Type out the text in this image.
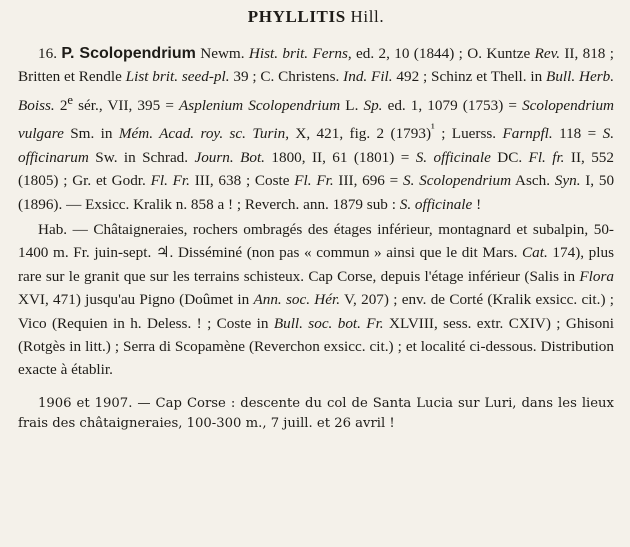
PHYLLITIS Hill.

16. P. Scolopendrium Newm. Hist. brit. Ferns, ed. 2, 10 (1844) ; O. Kuntze Rev. II, 818 ; Britten et Rendle List brit. seed-pl. 39 ; C. Christens. Ind. Fil. 492 ; Schinz et Thell. in Bull. Herb. Boiss. 2e sér., VII, 395 = Asplenium Scolopendrium L. Sp. ed. 1, 1079 (1753) = Scolopendrium vulgare Sm. in Mém. Acad. roy. sc. Turin, X, 421, fig. 2 $(1793)^{^1}$ ; Luerss. Farnpfl. 118 = S. officinarum Sw. in Schrad. Journ. Bot. 1800, II, 61 (1801) = S. officinale DC. Fl. fr. II, 552 (1805) ; Gr. et Godr. Fl. Fr. III, 638 ; Coste Fl. Fr. III, 696 = S. Scolopendrium Asch. Syn. I, 50 (1896). — Exsicc. Kralik n. 858 a ! ; Reverch. ann. 1879 sub : S. officinale !

Hab. — Châtaigneraies, rochers ombragés des étages inférieur, montagnard et subalpin, 50-1400 m. Fr. juin-sept. ♃. Disséminé (non pas « commun » ainsi que le dit Mars. Cat. 174), plus rare sur le granit que sur les terrains schisteux. Cap Corse, depuis l'étage inférieur (Salis in Flora XVI, 471) jusqu'au Pigno (Doûmet in Ann. soc. Hér. V, 207) ; env. de Corté (Kralik exsicc. cit.) ; Vico (Requien in h. Deless. ! ; Coste in Bull. soc. bot. Fr. XLVIII, sess. extr. CXIV) ; Ghisoni (Rotgès in litt.) ; Serra di Scopamène (Reverchon exsicc. cit.) ; et localité ci-dessous. Distribution exacte à établir.

1906 et 1907. — Cap Corse : descente du col de Santa Lucia sur Luri, dans les lieux frais des châtaigneraies, 100-300 m., 7 juill. et 26 avril !
